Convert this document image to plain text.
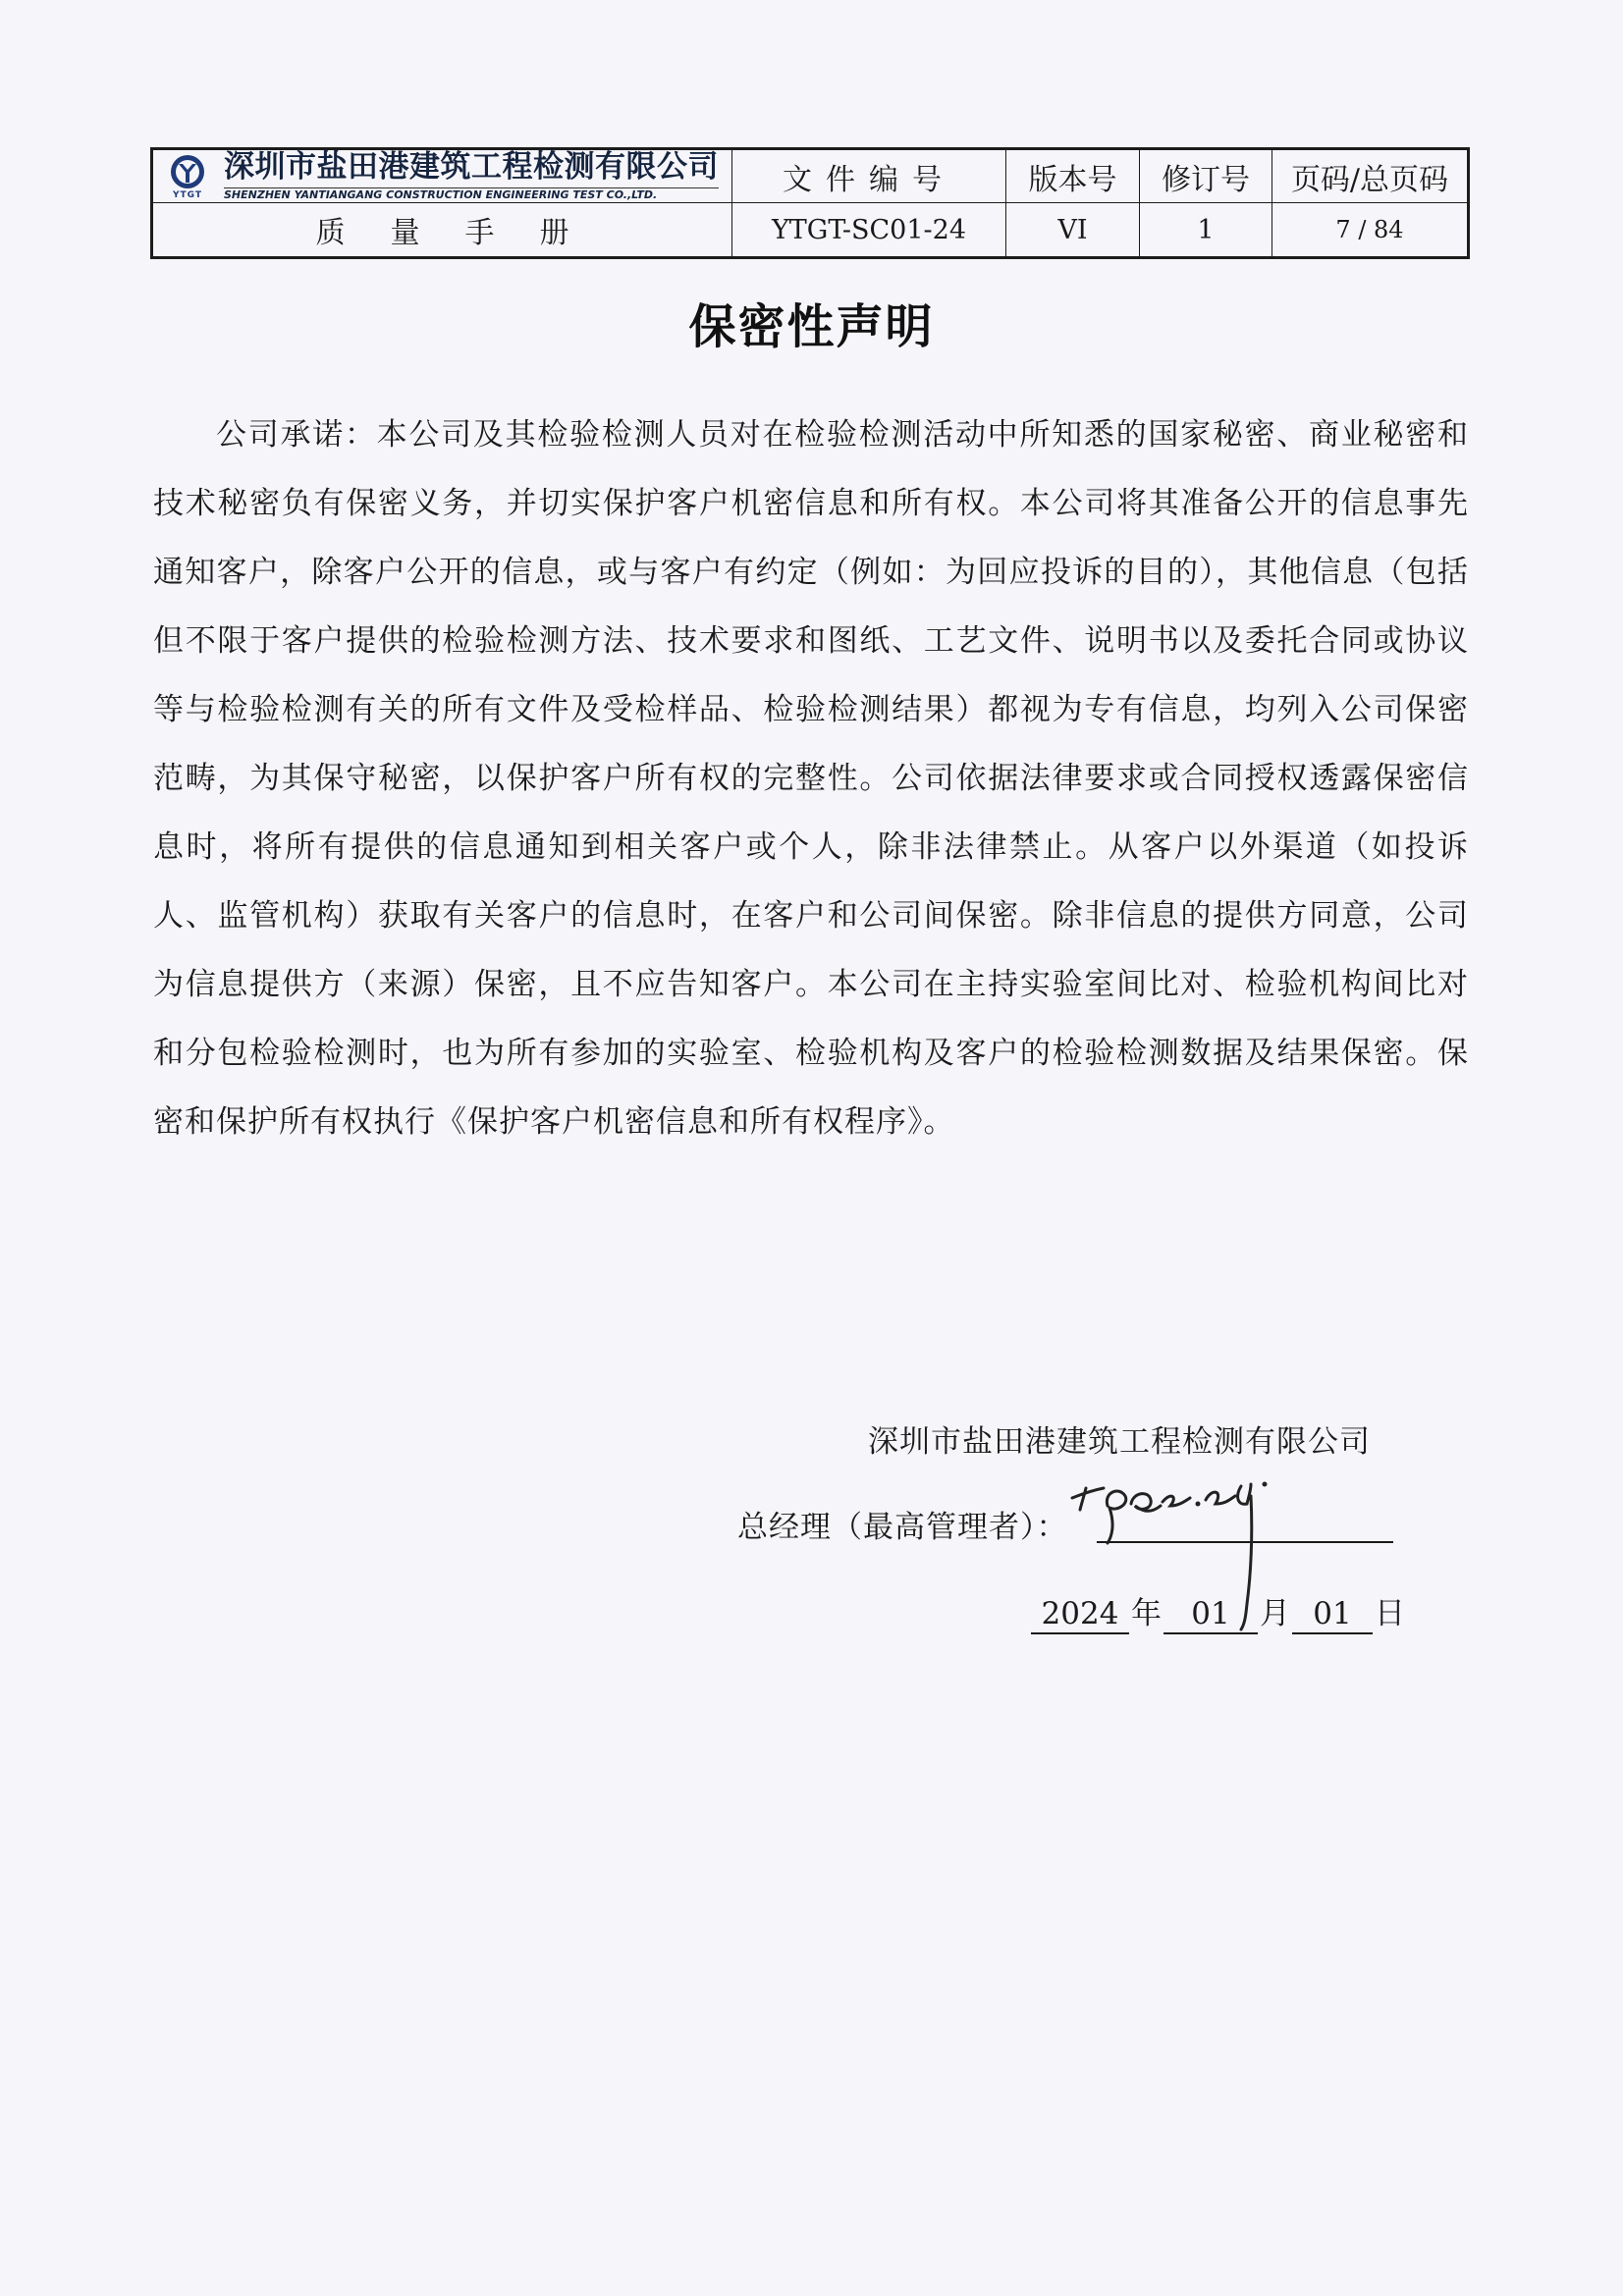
YTGT
深圳市盐田港建筑工程检测有限公司
SHENZHEN YANTIANGANG CONSTRUCTION ENGINEERING TEST CO.,LTD.	文件编号	版本号	修订号	页码/总页码
质量手册	YTGT-SC01-24	VI	1	7 / 84
保密性声明

公司承诺：本公司及其检验检测人员对在检验检测活动中所知悉的国家秘密、商业秘密和技术秘密负有保密义务，并切实保护客户机密信息和所有权。本公司将其准备公开的信息事先通知客户，除客户公开的信息，或与客户有约定（例如：为回应投诉的目的），其他信息（包括但不限于客户提供的检验检测方法、技术要求和图纸、工艺文件、说明书以及委托合同或协议等与检验检测有关的所有文件及受检样品、检验检测结果）都视为专有信息，均列入公司保密范畴，为其保守秘密，以保护客户所有权的完整性。公司依据法律要求或合同授权透露保密信息时，将所有提供的信息通知到相关客户或个人，除非法律禁止。从客户以外渠道（如投诉人、监管机构）获取有关客户的信息时，在客户和公司间保密。除非信息的提供方同意，公司为信息提供方（来源）保密，且不应告知客户。本公司在主持实验室间比对、检验机构间比对和分包检验检测时，也为所有参加的实验室、检验机构及客户的检验检测数据及结果保密。保密和保护所有权执行《保护客户机密信息和所有权程序》。

深圳市盐田港建筑工程检测有限公司
总经理（最高管理者）：
2024 年 01 月 01 日
